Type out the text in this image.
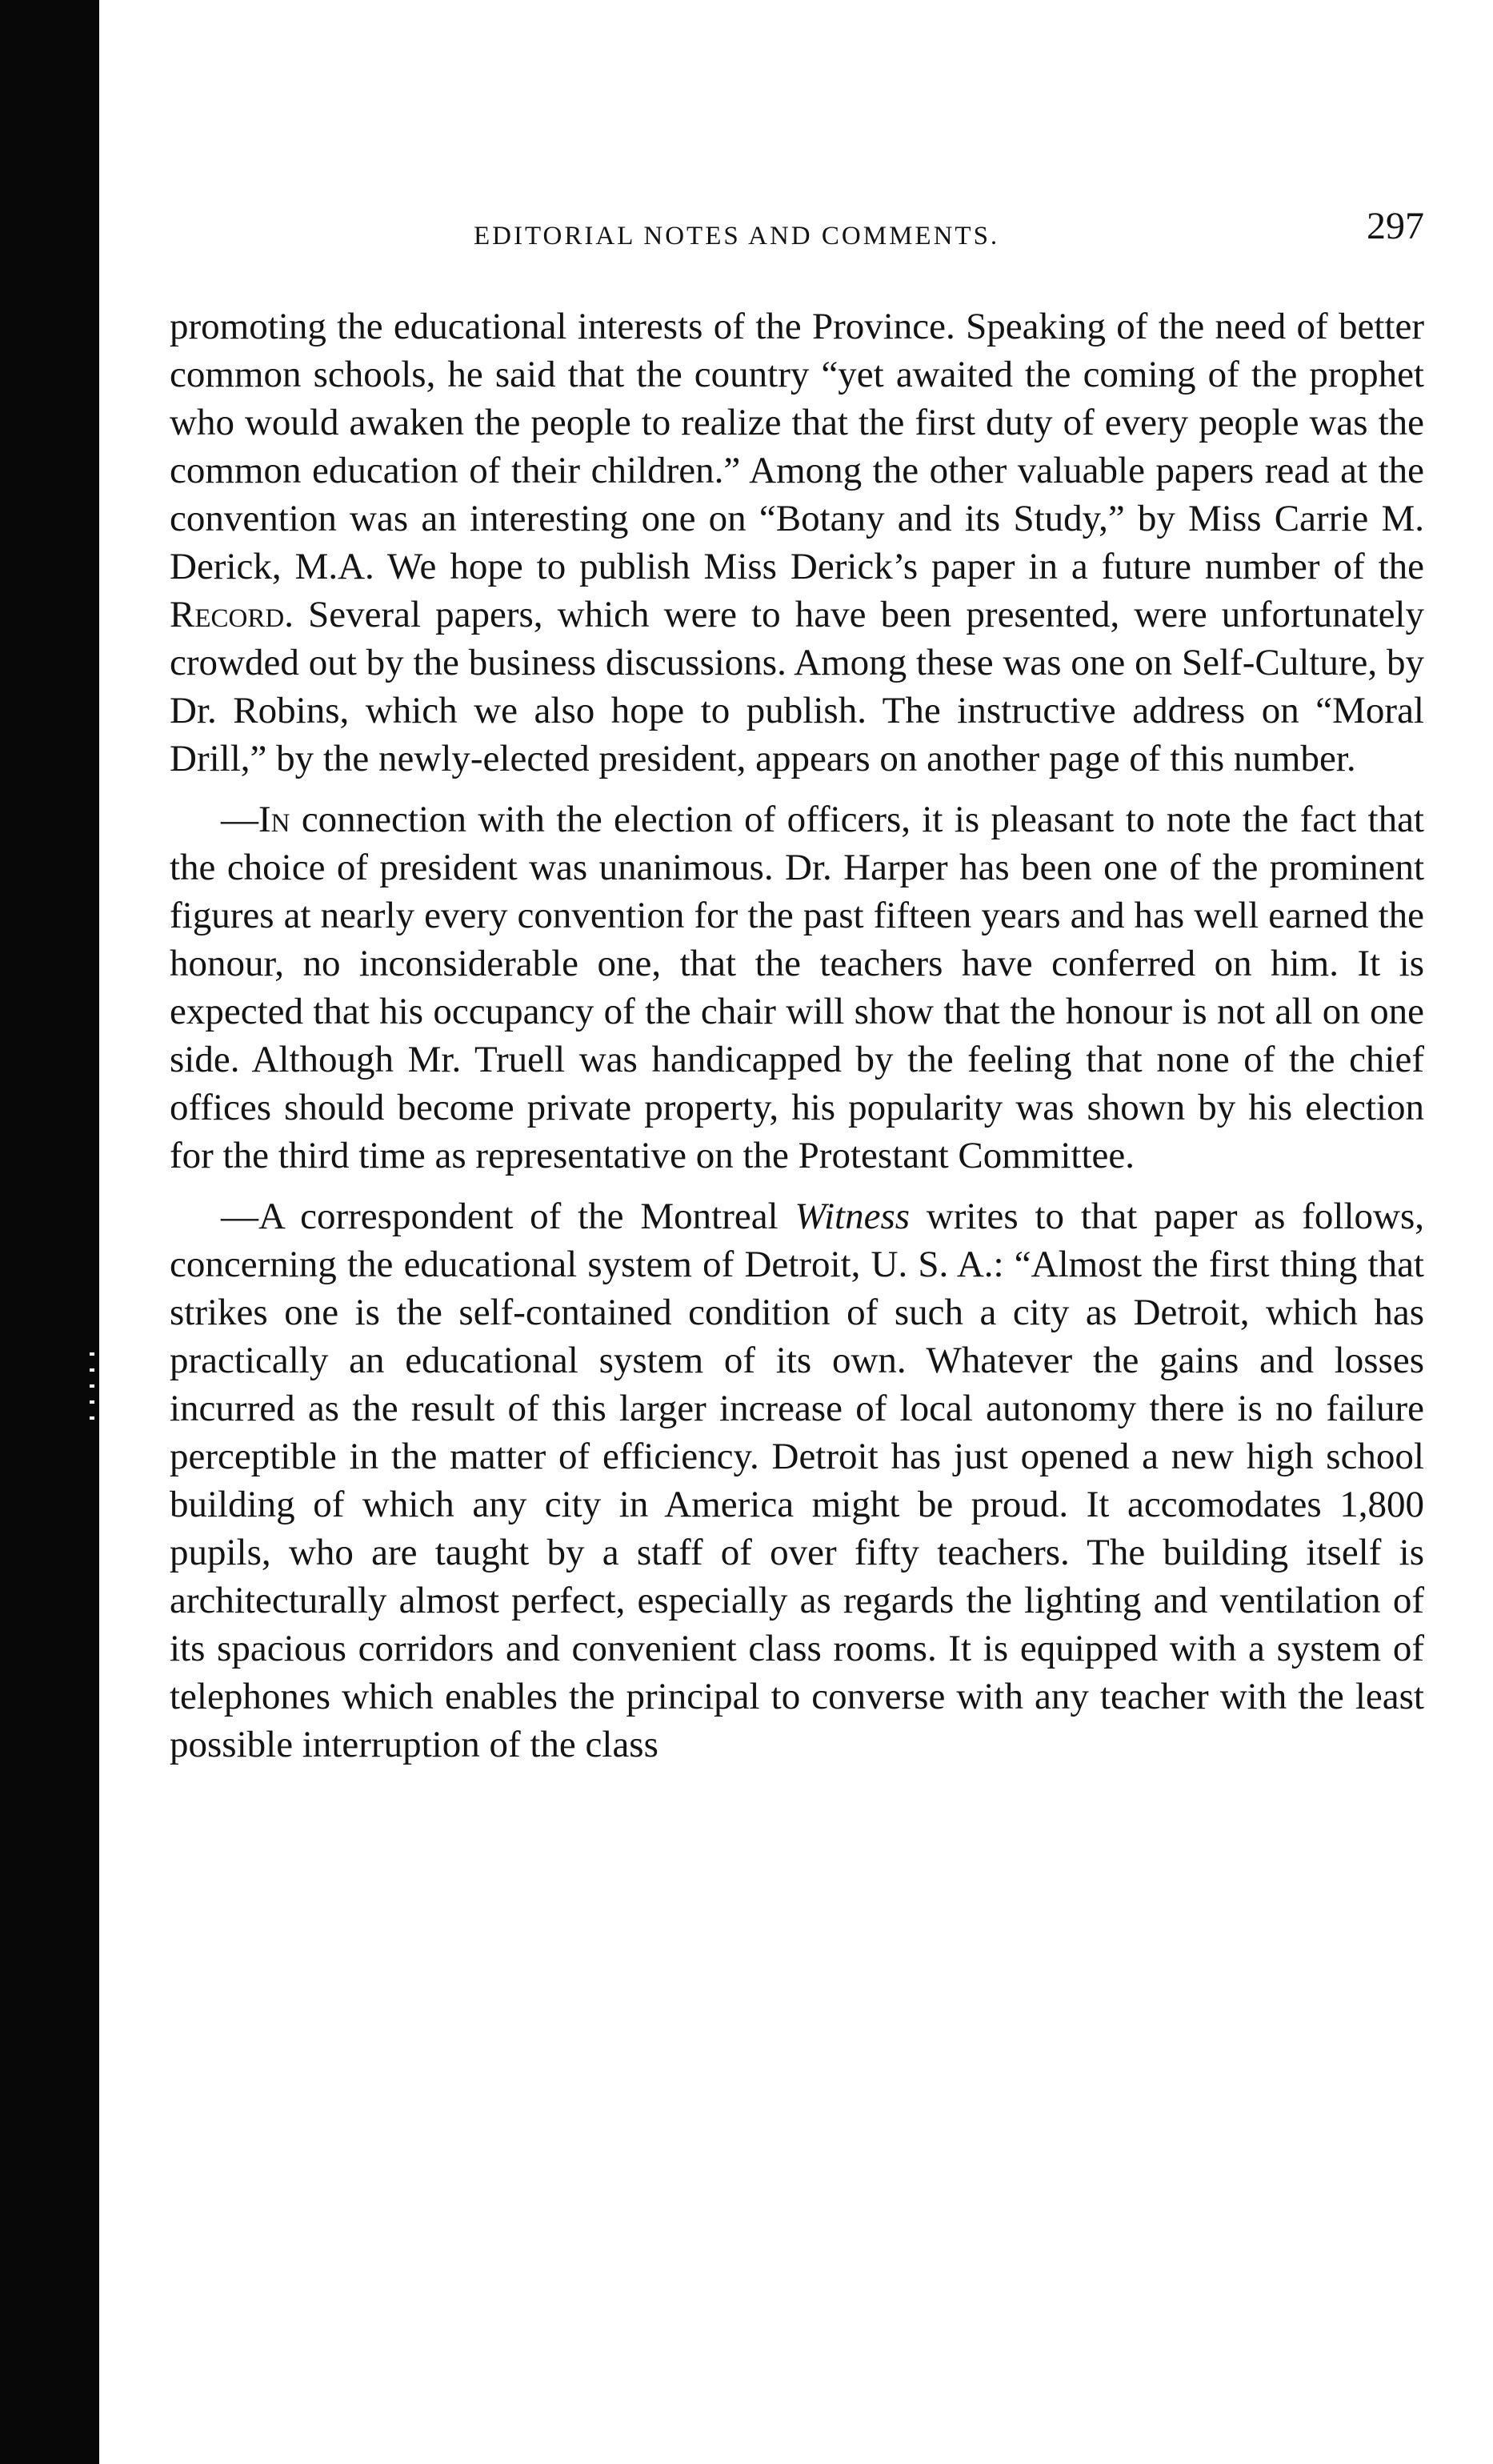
EDITORIAL NOTES AND COMMENTS.	297

promoting the educational interests of the Province. Speaking of the need of better common schools, he said that the country “yet awaited the coming of the prophet who would awaken the people to realize that the first duty of every people was the common education of their children.” Among the other valuable papers read at the convention was an interesting one on “Botany and its Study,” by Miss Carrie M. Derick, M.A. We hope to publish Miss Derick’s paper in a future number of the Record. Several papers, which were to have been presented, were unfortunately crowded out by the business discussions. Among these was one on Self-Culture, by Dr. Robins, which we also hope to publish. The instructive address on “Moral Drill,” by the newly-elected president, appears on another page of this number.

—In connection with the election of officers, it is pleasant to note the fact that the choice of president was unanimous. Dr. Harper has been one of the prominent figures at nearly every convention for the past fifteen years and has well earned the honour, no inconsiderable one, that the teachers have conferred on him. It is expected that his occupancy of the chair will show that the honour is not all on one side. Although Mr. Truell was handicapped by the feeling that none of the chief offices should become private property, his popularity was shown by his election for the third time as representative on the Protestant Committee.

—A correspondent of the Montreal Witness writes to that paper as follows, concerning the educational system of Detroit, U. S. A.: “Almost the first thing that strikes one is the self-contained condition of such a city as Detroit, which has practically an educational system of its own. Whatever the gains and losses incurred as the result of this larger increase of local autonomy there is no failure perceptible in the matter of efficiency. Detroit has just opened a new high school building of which any city in America might be proud. It accomodates 1,800 pupils, who are taught by a staff of over fifty teachers. The building itself is architecturally almost perfect, especially as regards the lighting and ventilation of its spacious corridors and convenient class rooms. It is equipped with a system of telephones which enables the principal to converse with any teacher with the least possible interruption of the class
